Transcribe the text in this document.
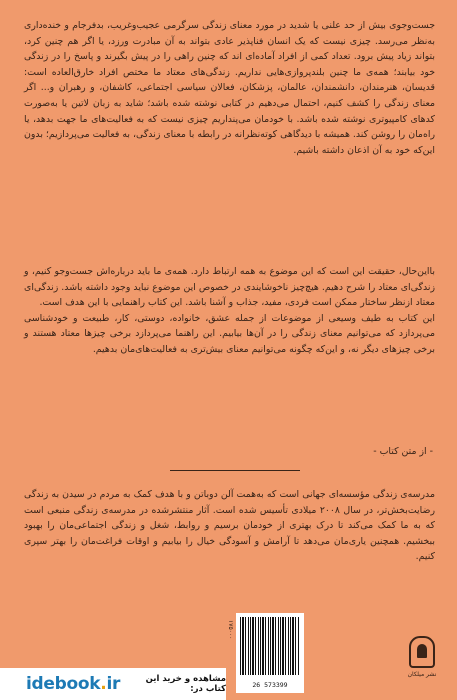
جست‌وجوی بیش از حد علنی یا شدید در مورد معنای زندگی سرگرمی عجیب‌وغریب، بدفرجام و خنده‌داری به‌نظر می‌رسد. چیزی نیست که یک انسان فناپذیر عادی بتواند به آن مبادرت ورزد، یا اگر هم چنین کرد، بتواند زیاد پیش برود. تعداد کمی از افراد آماده‌ای اند که چنین راهی را در پیش بگیرند و پاسخ را در زندگی خود بیابند؛ همه‌ی ما چنین بلندپروازی‌هایی نداریم. زندگی‌های معتاد ما مختص افراد خارق‌العاده است: قدیسان، هنرمندان، دانشمندان، عالمان، پزشکان، فعالان سیاسی اجتماعی، کاشفان، و رهبران و... اگر معنای زندگی را کشف کنیم، احتمال می‌دهیم در کتابی نوشته شده باشد؛ شاید به زبان لاتین یا به‌صورت کدهای کامپیوتری نوشته شده باشد. با خودمان می‌پنداریم چیزی نیست که به فعالیت‌های ما جهت بدهد، یا راه‌مان را روشن کند. همیشه با دیدگاهی کوته‌نظرانه در رابطه با معنای زندگی، به فعالیت می‌پردازیم؛ بدون این‌که خود به آن اذعان داشته باشیم.

بااین‌حال، حقیقت این است که این موضوع به همه ارتباط دارد. همه‌ی ما باید درباره‌اش جست‌وجو کنیم، و زندگی‌ای معتاد را شرح دهیم. هیچ‌چیز ناخوشایندی در خصوص این موضوع نباید وجود داشته باشد. زندگی‌ای معتاد ازنظر ساختار ممکن است فردی، مفید، جذاب و آشنا باشد. این کتاب راهنمایی با این هدف است.

این کتاب به طیف وسیعی از موضوعات از جمله عشق، خانواده، دوستی، کار، طبیعت و خودشناسی می‌پردازد که می‌توانیم معنای زندگی را در آن‌ها بیابیم. این راهنما می‌پردازد برخی چیزها معتاد هستند و برخی چیزهای دیگر نه، و این‌که چگونه می‌توانیم معنای بیش‌تری به فعالیت‌های‌مان بدهیم.

- از متن کتاب -

مدرسه‌ی زندگی مؤسسه‌ای جهانی است که به‌همت آلن دوباتن و با هدف کمک به مردم در سیدن به زندگی رضایت‌بخش‌تر، در سال ۲۰۰۸ میلادی تأسیس شده است. آثار منتشرشده در مدرسه‌ی زندگی منبعی است که به ما کمک می‌کند تا درک بهتری از خودمان برسیم و روابط، شغل و زندگی اجتماعی‌مان را بهبود ببخشیم. همچنین یاری‌مان می‌دهد تا آرامش و آسودگی خیال را بیابیم و اوقات فراغت‌مان را بهتر سپری کنیم.

۱۷۵۰۰۰
26 573399
نشر میلکان
idebook.ir	مشاهده و خرید این کتاب در:
